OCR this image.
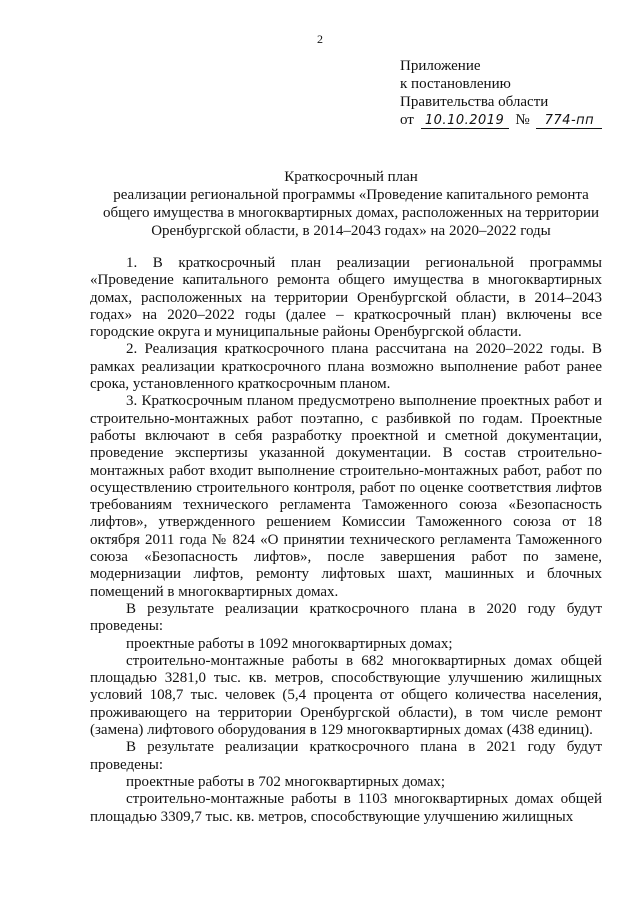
2
Приложение
к постановлению
Правительства области
от 10.10.2019 № 774-пп
Краткосрочный план
реализации региональной программы «Проведение капитального ремонта общего имущества в многоквартирных домах, расположенных на территории Оренбургской области, в 2014–2043 годах» на 2020–2022 годы

1. В краткосрочный план реализации региональной программы «Проведение капитального ремонта общего имущества в многоквартирных домах, расположенных на территории Оренбургской области, в 2014–2043 годах» на 2020–2022 годы (далее – краткосрочный план) включены все городские округа и муниципальные районы Оренбургской области.

2. Реализация краткосрочного плана рассчитана на 2020–2022 годы. В рамках реализации краткосрочного плана возможно выполнение работ ранее срока, установленного краткосрочным планом.

3. Краткосрочным планом предусмотрено выполнение проектных работ и строительно-монтажных работ поэтапно, с разбивкой по годам. Проектные работы включают в себя разработку проектной и сметной документации, проведение экспертизы указанной документации. В состав строительно-монтажных работ входит выполнение строительно-монтажных работ, работ по осуществлению строительного контроля, работ по оценке соответствия лифтов требованиям технического регламента Таможенного союза «Безопасность лифтов», утвержденного решением Комиссии Таможенного союза от 18 октября 2011 года № 824 «О принятии технического регламента Таможенного союза «Безопасность лифтов», после завершения работ по замене, модернизации лифтов, ремонту лифтовых шахт, машинных и блочных помещений в многоквартирных домах.

В результате реализации краткосрочного плана в 2020 году будут проведены:

проектные работы в 1092 многоквартирных домах;

строительно-монтажные работы в 682 многоквартирных домах общей площадью 3281,0 тыс. кв. метров, способствующие улучшению жилищных условий 108,7 тыс. человек (5,4 процента от общего количества населения, проживающего на территории Оренбургской области), в том числе ремонт (замена) лифтового оборудования в 129 многоквартирных домах (438 единиц).

В результате реализации краткосрочного плана в 2021 году будут проведены:

проектные работы в 702 многоквартирных домах;

строительно-монтажные работы в 1103 многоквартирных домах общей площадью 3309,7 тыс. кв. метров, способствующие улучшению жилищных
